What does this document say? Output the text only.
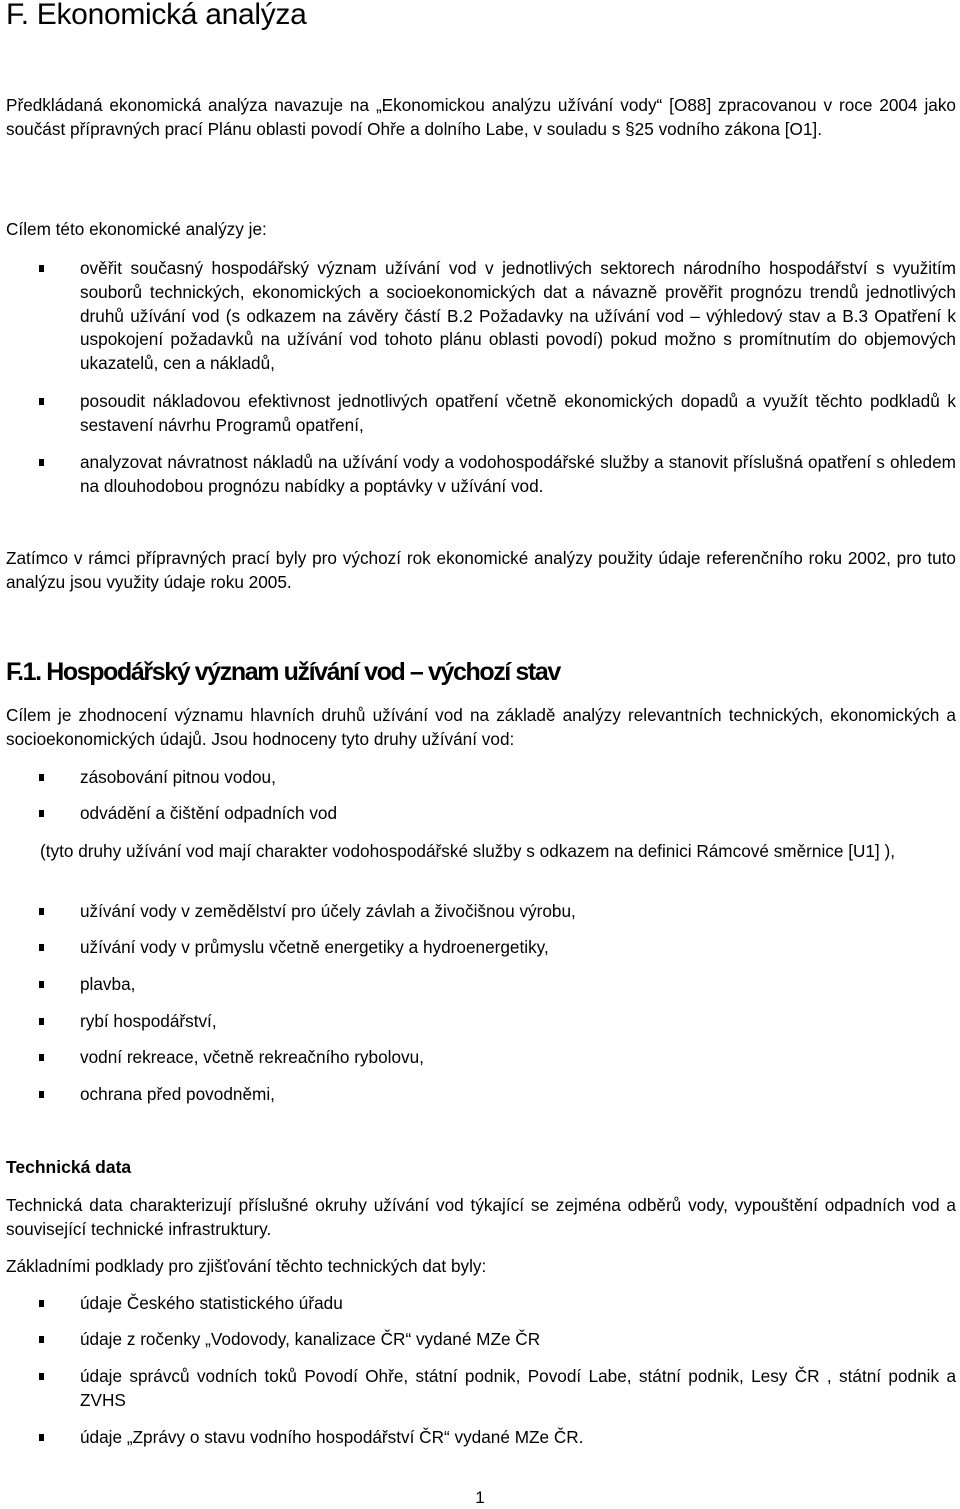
F. Ekonomická analýza

Předkládaná ekonomická analýza navazuje na „Ekonomickou analýzu užívání vody“ [O88] zpracovanou v roce 2004 jako součást přípravných prací Plánu oblasti povodí Ohře a dolního Labe, v souladu s §25 vodního zákona [O1].

Cílem této ekonomické analýzy je:

ověřit současný hospodářský význam užívání vod v jednotlivých sektorech národního hospodářství s využitím souborů technických, ekonomických a socioekonomických dat a návazně prověřit prognózu trendů jednotlivých druhů užívání vod (s odkazem na závěry částí B.2 Požadavky na užívání vod – výhledový stav a B.3 Opatření k uspokojení požadavků na užívání vod tohoto plánu oblasti povodí) pokud možno s promítnutím do objemových ukazatelů, cen a nákladů,
posoudit nákladovou efektivnost jednotlivých opatření včetně ekonomických dopadů a využít těchto podkladů k sestavení návrhu Programů opatření,
analyzovat návratnost nákladů na užívání vody a vodohospodářské služby a stanovit příslušná opatření s ohledem na dlouhodobou prognózu nabídky a poptávky v užívání vod.

Zatímco v rámci přípravných prací byly pro výchozí rok ekonomické analýzy použity údaje referenčního roku 2002, pro tuto analýzu jsou využity údaje roku 2005.

F.1. Hospodářský význam užívání vod – výchozí stav

Cílem je zhodnocení významu hlavních druhů užívání vod na základě analýzy relevantních technických, ekonomických a socioekonomických údajů. Jsou hodnoceny tyto druhy užívání vod:

zásobování pitnou vodou,
odvádění a čištění odpadních vod

(tyto druhy užívání vod mají charakter vodohospodářské služby s odkazem na definici Rámcové směrnice [U1] ),

užívání vody v zemědělství pro účely závlah a živočišnou výrobu,
užívání vody v průmyslu včetně energetiky a hydroenergetiky,
plavba,
rybí hospodářství,
vodní rekreace, včetně rekreačního rybolovu,
ochrana před povodněmi,

Technická data

Technická data charakterizují příslušné okruhy užívání vod týkající se zejména odběrů vody, vypouštění odpadních vod a související technické infrastruktury.

Základními podklady pro zjišťování těchto technických dat byly:

údaje Českého statistického úřadu
údaje z ročenky „Vodovody, kanalizace ČR“ vydané MZe ČR
údaje správců vodních toků Povodí Ohře, státní podnik, Povodí Labe, státní podnik, Lesy ČR , státní podnik a ZVHS
údaje „Zprávy o stavu vodního hospodářství ČR“ vydané MZe ČR.
1
